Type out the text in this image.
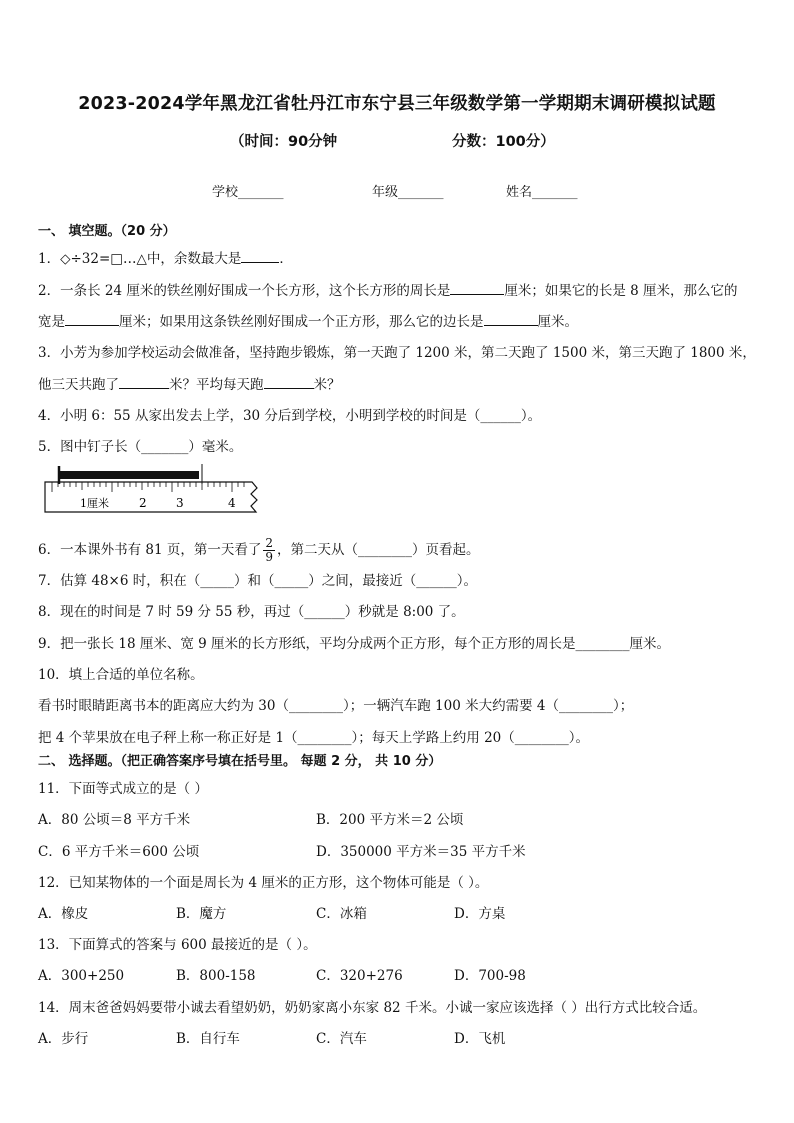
2023-2024学年黑龙江省牡丹江市东宁县三年级数学第一学期期末调研模拟试题
（时间：90分钟	分数：100分）
学校_______	年级_______	姓名_______
一、 填空题。（20 分）
1．◇÷32=□…△中，余数最大是	．
2．一条长 24 厘米的铁丝刚好围成一个长方形，这个长方形的周长是	厘米；如果它的长是 8 厘米，那么它的
宽是	厘米；如果用这条铁丝刚好围成一个正方形，那么它的边长是	厘米。
3．小芳为参加学校运动会做准备，坚持跑步锻炼，第一天跑了 1200 米，第二天跑了 1500 米，第三天跑了 1800 米，
他三天共跑了	米？平均每天跑	米？
4．小明 6：55 从家出发去上学，30 分后到学校，小明到学校的时间是（______）。
5．图中钉子长（_______）毫米。
1厘米	2 3	4
6．一本课外书有 81 页，第一天看了 $\frac{2}{9}$ ，第二天从（________）页看起。
7．估算 48×6 时，积在（_____）和（_____）之间，最接近（______）。
8．现在的时间是 7 时 59 分 55 秒，再过（______）秒就是 8:00 了。
9．把一张长 18 厘米、宽 9 厘米的长方形纸，平均分成两个正方形，每个正方形的周长是________厘米。
10．填上合适的单位名称。
看书时眼睛距离书本的距离应大约为 30（________）；一辆汽车跑 100 米大约需要 4（________）；
把 4 个苹果放在电子秤上称一称正好是 1（________）；每天上学路上约用 20（________）。
二、 选择题。（把正确答案序号填在括号里。 每题 2 分， 共 10 分）
11．下面等式成立的是（ ）
A．80 公顷＝8 平方千米	B．200 平方米＝2 公顷
C．6 平方千米＝600 公顷	D．350000 平方米＝35 平方千米
12．已知某物体的一个面是周长为 4 厘米的正方形，这个物体可能是（ ）。
A．橡皮	B．魔方	C．冰箱	D．方桌
13．下面算式的答案与 600 最接近的是（ ）。
A．300+250	B．800-158	C．320+276	D．700-98
14．周末爸爸妈妈要带小诚去看望奶奶，奶奶家离小东家 82 千米。小诚一家应该选择（ ）出行方式比较合适。
A．步行	B．自行车	C．汽车	D．飞机
